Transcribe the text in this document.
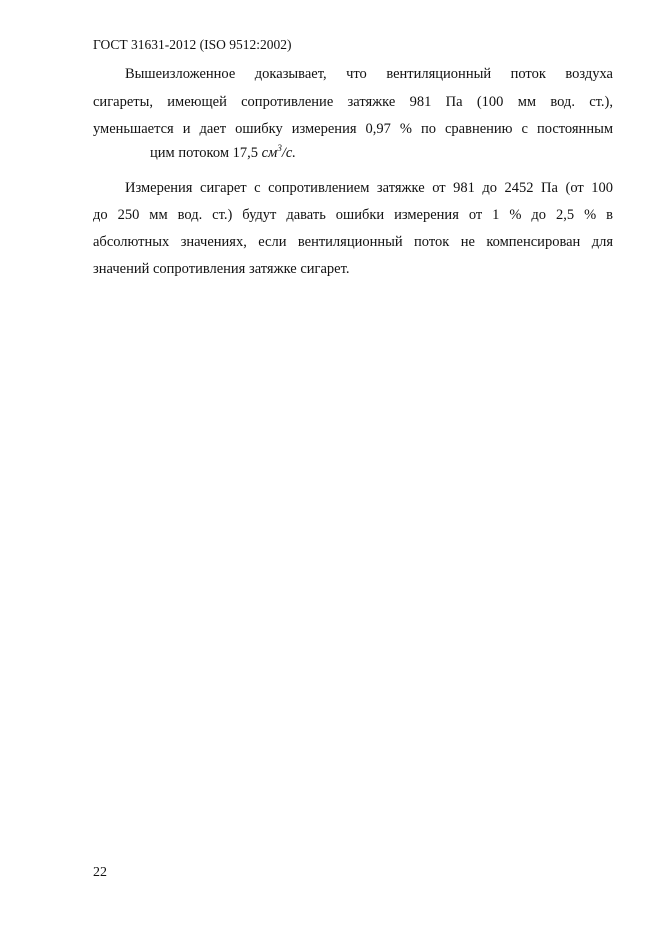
ГОСТ 31631-2012 (ISO 9512:2002)
Вышеизложенное доказывает, что вентиляционный поток воздуха
сигареты, имеющей сопротивление затяжке 981 Па (100 мм вод. ст.),
уменьшается и дает ошибку измерения 0,97 % по сравнению с постоянным
цим потоком 17,5 $см^3/с$.
Измерения сигарет с сопротивлением затяжке от 981 до 2452 Па (от 100
до 250 мм вод. ст.) будут давать ошибки измерения от 1 % до 2,5 % в
абсолютных значениях, если вентиляционный поток не компенсирован для
значений сопротивления затяжке сигарет.
22
